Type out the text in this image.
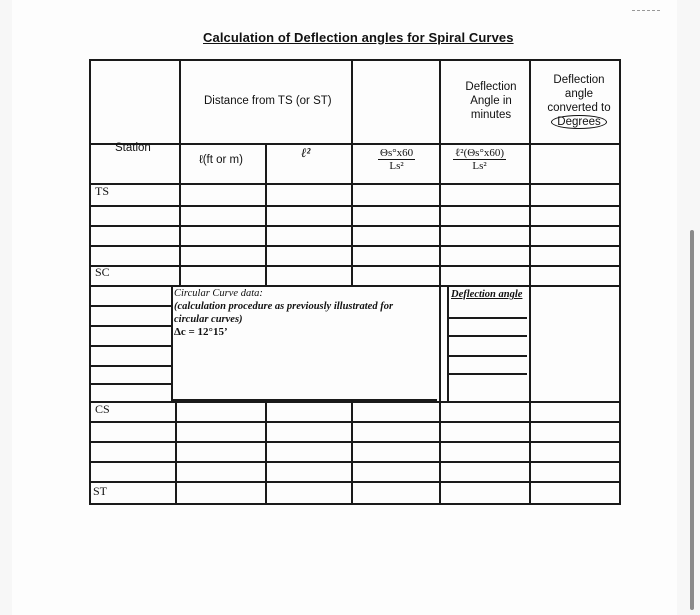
Calculation of Deflection angles for Spiral Curves
Distance from TS (or ST)
Station
ℓ(ft or m)	ℓ²	$\frac{\Theta s^\circ x60}{\text{Ls²}}$
Deflection Angle in minutes
ℓ²(Θs°x60)
Ls²
Deflection
angle
converted to
Degrees
TS
SC
CS
ST
Circular Curve data:
(calculation procedure as previously illustrated for
circular curves)
Δc = 12°15’
Deflection angle
